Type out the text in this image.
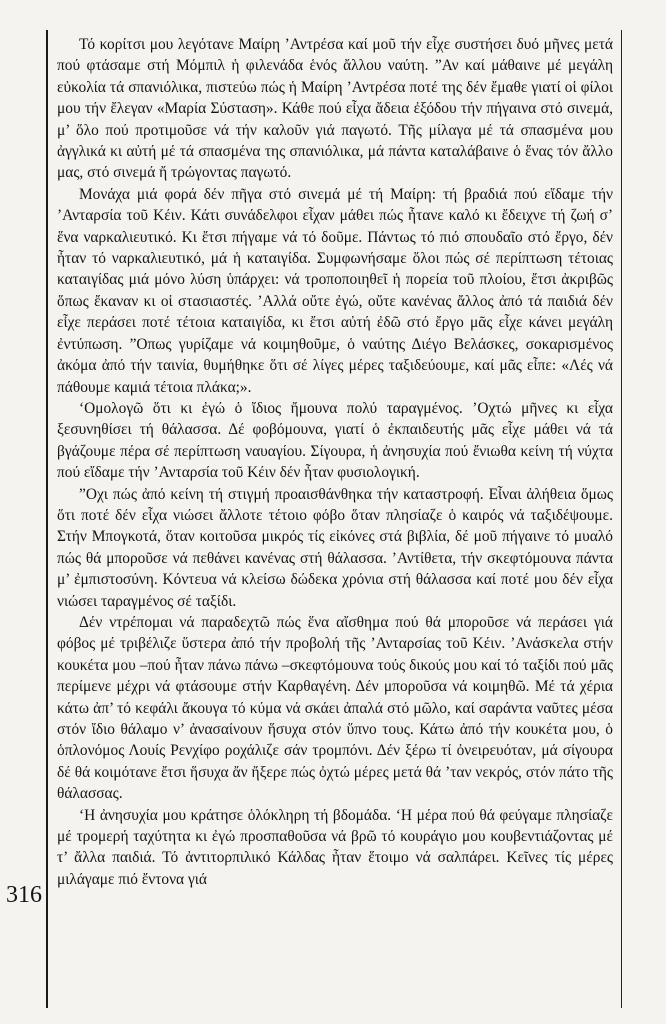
Τό κορίτσι μου λεγότανε Μαίρη ’Αντρέσα καί μοῦ τήν εἶχε συστήσει δυό μῆνες μετά πού φτάσαμε στή Μόμπιλ ἡ φιλενάδα ἑνός ἄλλου ναύτη. ”Αν καί μάθαινε μέ μεγάλη εὐκολία τά σπανιόλικα, πιστεύω πώς ἡ Μαίρη ’Αντρέσα ποτέ της δέν ἔμαθε γιατί οἱ φίλοι μου τήν ἔλεγαν «Μαρία Σύσταση». Κάθε πού εἶχα ἄδεια ἐξόδου τήν πήγαινα στό σινεμά, μ’ ὅλο πού προτιμοῦσε νά τήν καλοῦν γιά παγωτό. Τῆς μίλαγα μέ τά σπασμένα μου ἀγγλικά κι αὐτή μέ τά σπασμένα της σπανιόλικα, μά πάντα καταλάβαινε ὁ ἕνας τόν ἄλλο μας, στό σινεμά ἤ τρώγοντας παγωτό.

Μονάχα μιά φορά δέν πῆγα στό σινεμά μέ τή Μαίρη: τή βραδιά πού εἴδαμε τήν ’Ανταρσία τοῦ Κέιν. Κάτι συνάδελφοι εἶχαν μάθει πώς ἦτανε καλό κι ἔδειχνε τή ζωή σ’ ἕνα ναρκαλιευτικό. Κι ἔτσι πήγαμε νά τό δοῦμε. Πάντως τό πιό σπουδαῖο στό ἔργο, δέν ἦταν τό ναρκαλιευτικό, μά ἡ καταιγίδα. Συμφωνήσαμε ὅλοι πώς σέ περίπτωση τέτοιας καταιγίδας μιά μόνο λύση ὑπάρχει: νά τροποποιηθεῖ ἡ πορεία τοῦ πλοίου, ἔτσι ἀκριβῶς ὅπως ἔκαναν κι οἱ στασιαστές. ’Αλλά οὔτε ἐγώ, οὔτε κανένας ἄλλος ἀπό τά παιδιά δέν εἶχε περάσει ποτέ τέτοια καταιγίδα, κι ἔτσι αὐτή ἐδῶ στό ἔργο μᾶς εἶχε κάνει μεγάλη ἐντύπωση. ”Οπως γυρίζαμε νά κοιμηθοῦμε, ὁ ναύτης Διέγο Βελάσκες, σοκαρισμένος ἀκόμα ἀπό τήν ταινία, θυμήθηκε ὅτι σέ λίγες μέρες ταξιδεύουμε, καί μᾶς εἶπε: «Λές νά πάθουμε καμιά τέτοια πλάκα;».

‘Ομολογῶ ὅτι κι ἐγώ ὁ ἴδιος ἤμουνα πολύ ταραγμένος. ’Οχτώ μῆνες κι εἶχα ξεσυνηθίσει τή θάλασσα. Δέ φοβόμουνα, γιατί ὁ ἐκπαιδευτής μᾶς εἶχε μάθει νά τά βγάζουμε πέρα σέ περίπτωση ναυαγίου. Σίγουρα, ἡ ἀνησυχία πού ἔνιωθα κείνη τή νύχτα πού εἴδαμε τήν ’Ανταρσία τοῦ Κέιν δέν ἦταν φυσιολογική.

”Οχι πώς ἀπό κείνη τή στιγμή προαισθάνθηκα τήν καταστροφή. Εἶναι ἀλήθεια ὅμως ὅτι ποτέ δέν εἶχα νιώσει ἄλλοτε τέτοιο φόβο ὅταν πλησίαζε ὁ καιρός νά ταξιδέψουμε. Στήν Μπογκοτά, ὅταν κοιτοῦσα μικρός τίς εἰκόνες στά βιβλία, δέ μοῦ πήγαινε τό μυαλό πώς θά μποροῦσε νά πεθάνει κανένας στή θάλασσα. ’Αντίθετα, τήν σκεφτόμουνα πάντα μ’ ἐμπιστοσύνη. Κόντευα νά κλείσω δώδεκα χρόνια στή θάλασσα καί ποτέ μου δέν εἶχα νιώσει ταραγμένος σέ ταξίδι.

Δέν ντρέπομαι νά παραδεχτῶ πώς ἕνα αἴσθημα πού θά μποροῦσε νά περάσει γιά φόβος μέ τριβέλιζε ὕστερα ἀπό τήν προβολή τῆς ’Ανταρσίας τοῦ Κέιν. ’Ανάσκελα στήν κουκέτα μου –πού ἦταν πάνω πάνω –σκεφτόμουνα τούς δικούς μου καί τό ταξίδι πού μᾶς περίμενε μέχρι νά φτάσουμε στήν Καρθαγένη. Δέν μποροῦσα νά κοιμηθῶ. Μέ τά χέρια κάτω ἀπ’ τό κεφάλι ἄκουγα τό κύμα νά σκάει ἀπαλά στό μῶλο, καί σαράντα ναῦτες μέσα στόν ἴδιο θάλαμο ν’ ἀνασαίνουν ἥσυχα στόν ὕπνο τους. Κάτω ἀπό τήν κουκέτα μου, ὁ ὁπλονόμος Λουίς Ρενχίφο ροχάλιζε σάν τρομπόνι. Δέν ξέρω τί ὀνειρευόταν, μά σίγουρα δέ θά κοιμότανε ἔτσι ἥσυχα ἄν ἤξερε πώς ὀχτώ μέρες μετά θά ’ταν νεκρός, στόν πάτο τῆς θάλασσας.

‘Η ἀνησυχία μου κράτησε ὁλόκληρη τή βδομάδα. ‘Η μέρα πού θά φεύγαμε πλησίαζε μέ τρομερή ταχύτητα κι ἐγώ προσπαθοῦσα νά βρῶ τό κουράγιο μου κουβεντιάζοντας μέ τ’ ἄλλα παιδιά. Τό ἀντιτορπιλικό Κάλδας ἦταν ἕτοιμο νά σαλπάρει. Κεῖνες τίς μέρες μιλάγαμε πιό ἔντονα γιά

316
